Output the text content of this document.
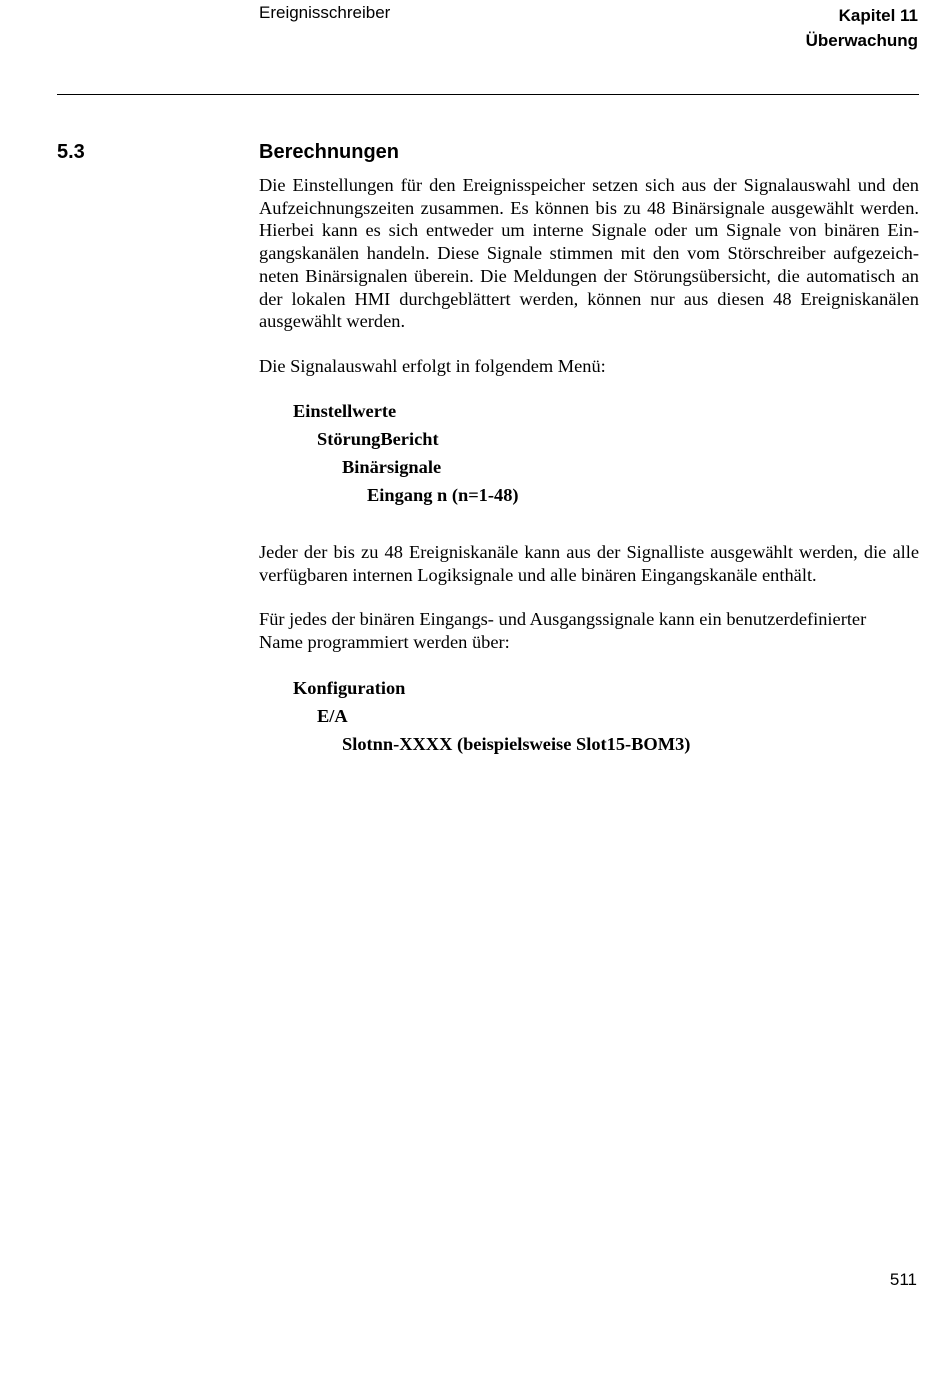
Ereignisschreiber	Kapitel 11
Überwachung
5.3	Berechnungen
Die Einstellungen für den Ereignisspeicher setzen sich aus der Signalauswahl und den
Aufzeichnungszeiten zusammen. Es können bis zu 48 Binärsignale ausgewählt werden.
Hierbei kann es sich entweder um interne Signale oder um Signale von binären Ein-
gangskanälen handeln. Diese Signale stimmen mit den vom Störschreiber aufgezeich-
neten Binärsignalen überein. Die Meldungen der Störungsübersicht, die automatisch an
der lokalen HMI durchgeblättert werden, können nur aus diesen 48 Ereigniskanälen
ausgewählt werden.
Die Signalauswahl erfolgt in folgendem Menü:
Einstellwerte
StörungBericht
Binärsignale
Eingang n (n=1-48)
Jeder der bis zu 48 Ereigniskanäle kann aus der Signalliste ausgewählt werden, die alle
verfügbaren internen Logiksignale und alle binären Eingangskanäle enthält.
Für jedes der binären Eingangs- und Ausgangssignale kann ein benutzerdefinierter
Name programmiert werden über:
Konfiguration
E/A
Slotnn-XXXX (beispielsweise Slot15-BOM3)
511
